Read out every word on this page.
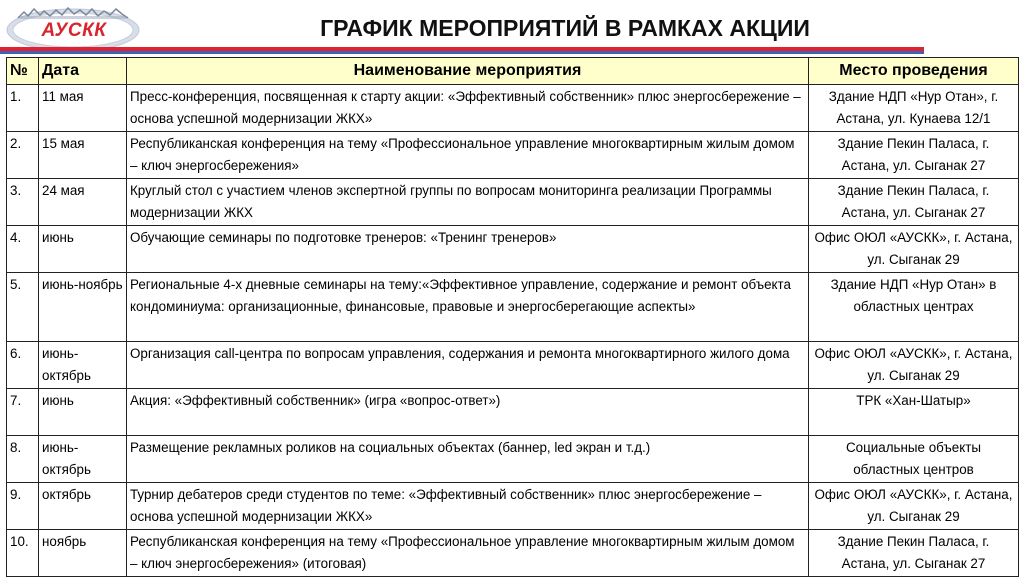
АУСКК	ГРАФИК МЕРОПРИЯТИЙ В РАМКАХ АКЦИИ
№	Дата	Наименование мероприятия	Место проведения
1.	11 мая	Пресс-конференция, посвященная к старту акции: «Эффективный собственник» плюс энергосбережение – основа успешной модернизации ЖКХ»	Здание НДП «Нур Отан», г. Астана, ул. Кунаева 12/1
2.	15 мая	Республиканская конференция на тему «Профессиональное управление многоквартирным жилым домом – ключ энергосбережения»	Здание Пекин Паласа, г. Астана, ул. Сыганак 27
3.	24 мая	Круглый стол с участием членов экспертной группы по вопросам мониторинга реализации Программы модернизации ЖКХ	Здание Пекин Паласа, г. Астана, ул. Сыганак 27
4.	июнь	Обучающие семинары по подготовке тренеров: «Тренинг тренеров»	Офис ОЮЛ «АУСКК», г. Астана, ул. Сыганак 29
5.	июнь-ноябрь	Региональные 4-х дневные семинары на тему:«Эффективное управление, содержание и ремонт объекта кондоминиума: организационные, финансовые, правовые и энергосберегающие аспекты»	Здание НДП «Нур Отан» в областных центрах
6.	июнь-октябрь	Организация call-центра по вопросам управления, содержания и ремонта многоквартирного жилого дома	Офис ОЮЛ «АУСКК», г. Астана, ул. Сыганак 29
7.	июнь	Акция: «Эффективный собственник» (игра «вопрос-ответ»)	ТРК «Хан-Шатыр»
8.	июнь-октябрь	Размещение рекламных роликов на социальных объектах (баннер, led экран и т.д.)	Социальные объекты областных центров
9.	октябрь	Турнир дебатеров среди студентов по теме: «Эффективный собственник» плюс энергосбережение – основа успешной модернизации ЖКХ»	Офис ОЮЛ «АУСКК», г. Астана, ул. Сыганак 29
10.	ноябрь	Республиканская конференция на тему «Профессиональное управление многоквартирным жилым домом – ключ энергосбережения» (итоговая)	Здание Пекин Паласа, г. Астана, ул. Сыганак 27
